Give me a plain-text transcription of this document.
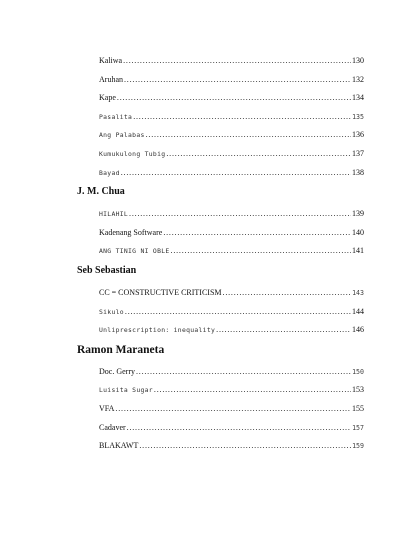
Kaliwa . . .	130
Aruhan . . .	132
Kape . . .	134
Pasalita . . .	135
Ang Palabas . . .	136
Kumukulong Tubig . . .	137
Bayad . . .	138
J. M. Chua
HILAHIL . . .	139
Kadenang Software . . .	140
ANG TINIG NI OBLE . . .	141
Seb Sebastian
CC = CONSTRUCTIVE CRITICISM . . .	143
Sikulo . . .	144
Unliprescription: inequality . . .	146
Ramon Maraneta
Doc. Gerry . . .	150
Luisita Sugar . . .	153
VFA . . .	155
Cadaver . . .	157
BLAKAWT . . .	159
